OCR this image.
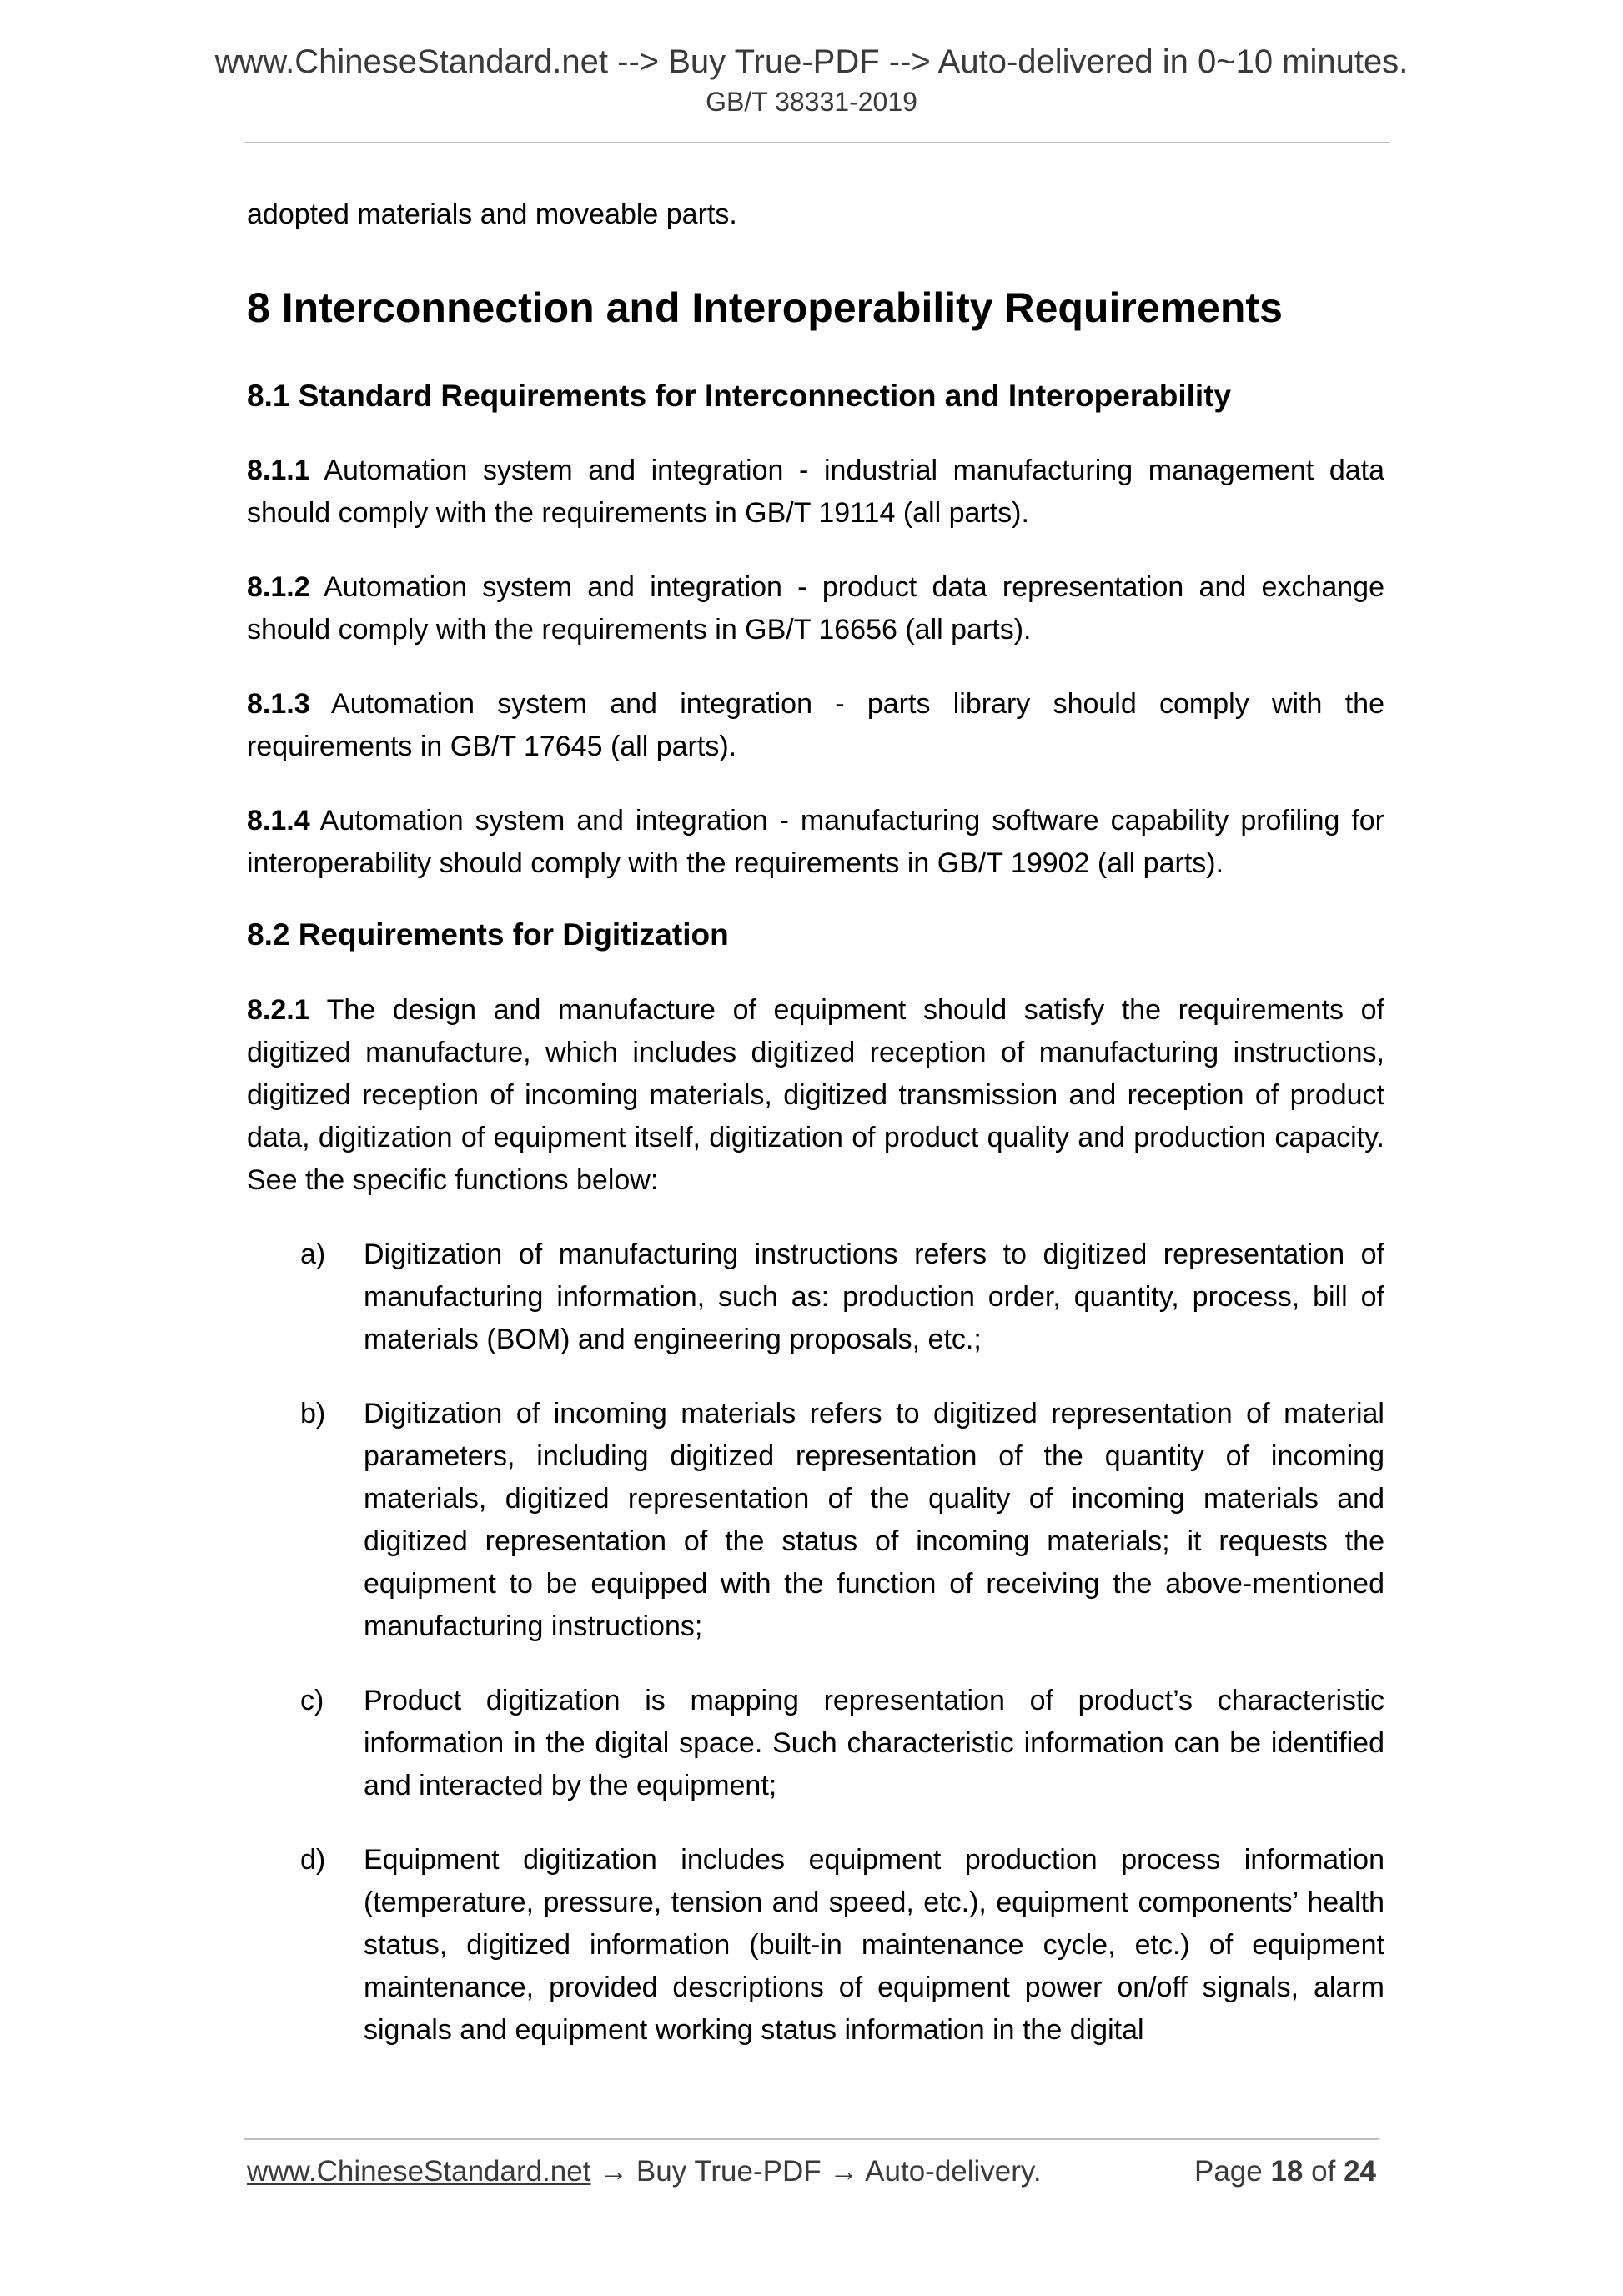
www.ChineseStandard.net --> Buy True-PDF --> Auto-delivered in 0~10 minutes.
GB/T 38331-2019

adopted materials and moveable parts.

8 Interconnection and Interoperability Requirements
8.1 Standard Requirements for Interconnection and Interoperability

8.1.1 Automation system and integration - industrial manufacturing management data should comply with the requirements in GB/T 19114 (all parts).

8.1.2 Automation system and integration - product data representation and exchange should comply with the requirements in GB/T 16656 (all parts).

8.1.3 Automation system and integration - parts library should comply with the requirements in GB/T 17645 (all parts).

8.1.4 Automation system and integration - manufacturing software capability profiling for interoperability should comply with the requirements in GB/T 19902 (all parts).

8.2 Requirements for Digitization

8.2.1 The design and manufacture of equipment should satisfy the requirements of digitized manufacture, which includes digitized reception of manufacturing instructions, digitized reception of incoming materials, digitized transmission and reception of product data, digitization of equipment itself, digitization of product quality and production capacity. See the specific functions below:

a) Digitization of manufacturing instructions refers to digitized representation of manufacturing information, such as: production order, quantity, process, bill of materials (BOM) and engineering proposals, etc.;
b) Digitization of incoming materials refers to digitized representation of material parameters, including digitized representation of the quantity of incoming materials, digitized representation of the quality of incoming materials and digitized representation of the status of incoming materials; it requests the equipment to be equipped with the function of receiving the above-mentioned manufacturing instructions;
c) Product digitization is mapping representation of product’s characteristic information in the digital space. Such characteristic information can be identified and interacted by the equipment;
d) Equipment digitization includes equipment production process information (temperature, pressure, tension and speed, etc.), equipment components’ health status, digitized information (built-in maintenance cycle, etc.) of equipment maintenance, provided descriptions of equipment power on/off signals, alarm signals and equipment working status information in the digital
www.ChineseStandard.net → Buy True-PDF → Auto-delivery.	Page 18 of 24
